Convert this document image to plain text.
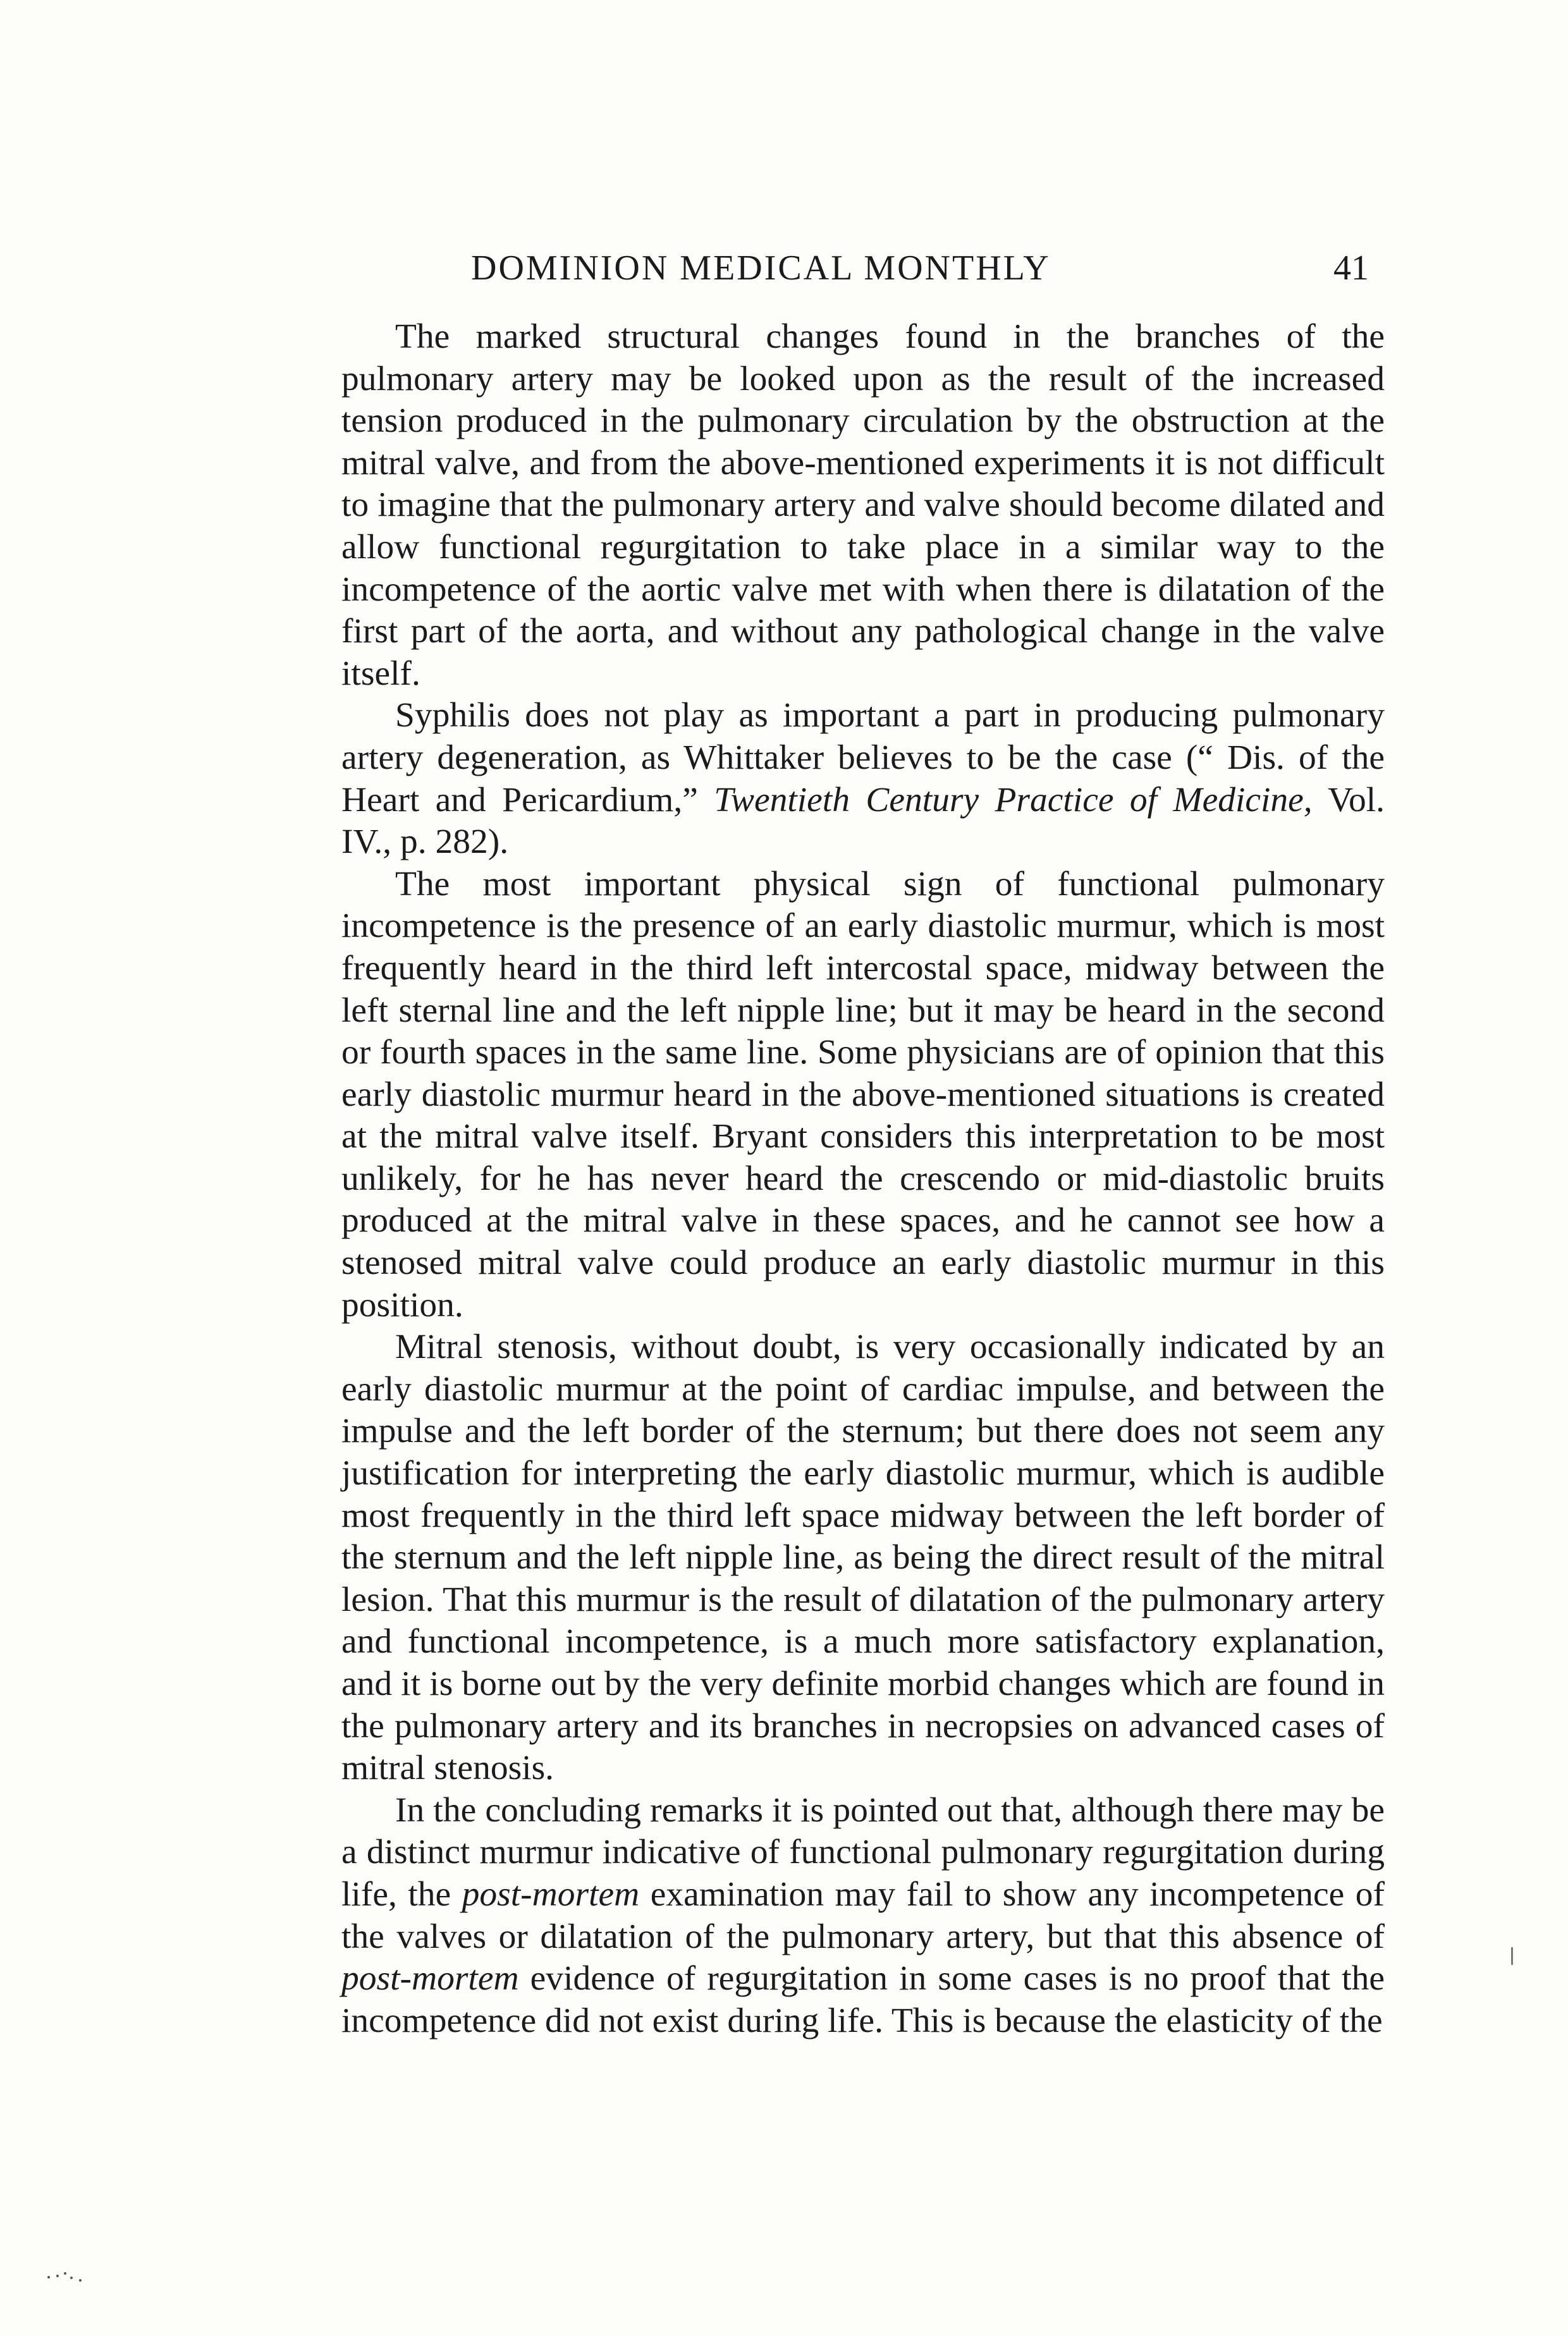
DOMINION MEDICAL MONTHLY	41

The marked structural changes found in the branches of the pulmonary artery may be looked upon as the result of the increased tension produced in the pulmonary circulation by the obstruction at the mitral valve, and from the above-mentioned experiments it is not difficult to imagine that the pulmonary artery and valve should become dilated and allow functional regurgitation to take place in a similar way to the incompetence of the aortic valve met with when there is dilatation of the first part of the aorta, and without any pathological change in the valve itself.

Syphilis does not play as important a part in producing pulmonary artery degeneration, as Whittaker believes to be the case (“ Dis. of the Heart and Pericardium,” Twentieth Century Practice of Medicine, Vol. IV., p. 282).

The most important physical sign of functional pulmonary incompetence is the presence of an early diastolic murmur, which is most frequently heard in the third left intercostal space, midway between the left sternal line and the left nipple line; but it may be heard in the second or fourth spaces in the same line. Some physicians are of opinion that this early diastolic murmur heard in the above-mentioned situations is created at the mitral valve itself. Bryant considers this interpretation to be most unlikely, for he has never heard the crescendo or mid-diastolic bruits produced at the mitral valve in these spaces, and he cannot see how a stenosed mitral valve could produce an early diastolic murmur in this position.

Mitral stenosis, without doubt, is very occasionally indicated by an early diastolic murmur at the point of cardiac impulse, and between the impulse and the left border of the sternum; but there does not seem any justification for interpreting the early diastolic murmur, which is audible most frequently in the third left space midway between the left border of the sternum and the left nipple line, as being the direct result of the mitral lesion. That this murmur is the result of dilatation of the pulmonary artery and functional incompetence, is a much more satisfactory explanation, and it is borne out by the very definite morbid changes which are found in the pulmonary artery and its branches in necropsies on advanced cases of mitral stenosis.

In the concluding remarks it is pointed out that, although there may be a distinct murmur indicative of functional pulmonary regurgitation during life, the post-mortem examination may fail to show any incompetence of the valves or dilatation of the pulmonary artery, but that this absence of post-mortem evidence of regurgitation in some cases is no proof that the incompetence did not exist during life. This is because the elasticity of the
